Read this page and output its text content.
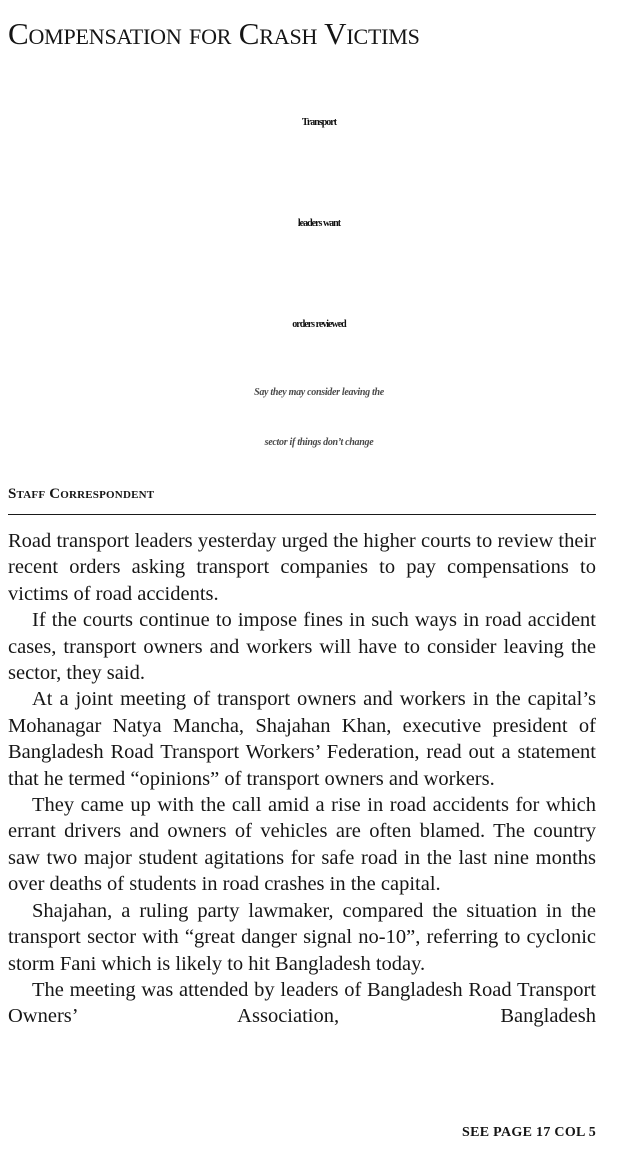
Compensation for Crash Victims
Transport
leaders want
orders reviewed
Say they may consider leaving the
sector if things don’t change
Staff Correspondent

Road transport leaders yesterday urged the higher courts to review their recent orders asking transport companies to pay compensations to victims of road accidents.

If the courts continue to impose fines in such ways in road accident cases, transport owners and workers will have to consider leaving the sector, they said.

At a joint meeting of transport owners and workers in the capital’s Mohanagar Natya Mancha, Shajahan Khan, executive president of Bangladesh Road Transport Workers’ Federation, read out a statement that he termed “opinions” of transport owners and workers.

They came up with the call amid a rise in road accidents for which errant drivers and owners of vehicles are often blamed. The country saw two major student agitations for safe road in the last nine months over deaths of students in road crashes in the capital.

Shajahan, a ruling party lawmaker, compared the situation in the transport sector with “great danger signal no-10”, referring to cyclonic storm Fani which is likely to hit Bangladesh today.

The meeting was attended by leaders of Bangladesh Road Transport Owners’ Association, Bangladesh

SEE PAGE 17 COL 5
